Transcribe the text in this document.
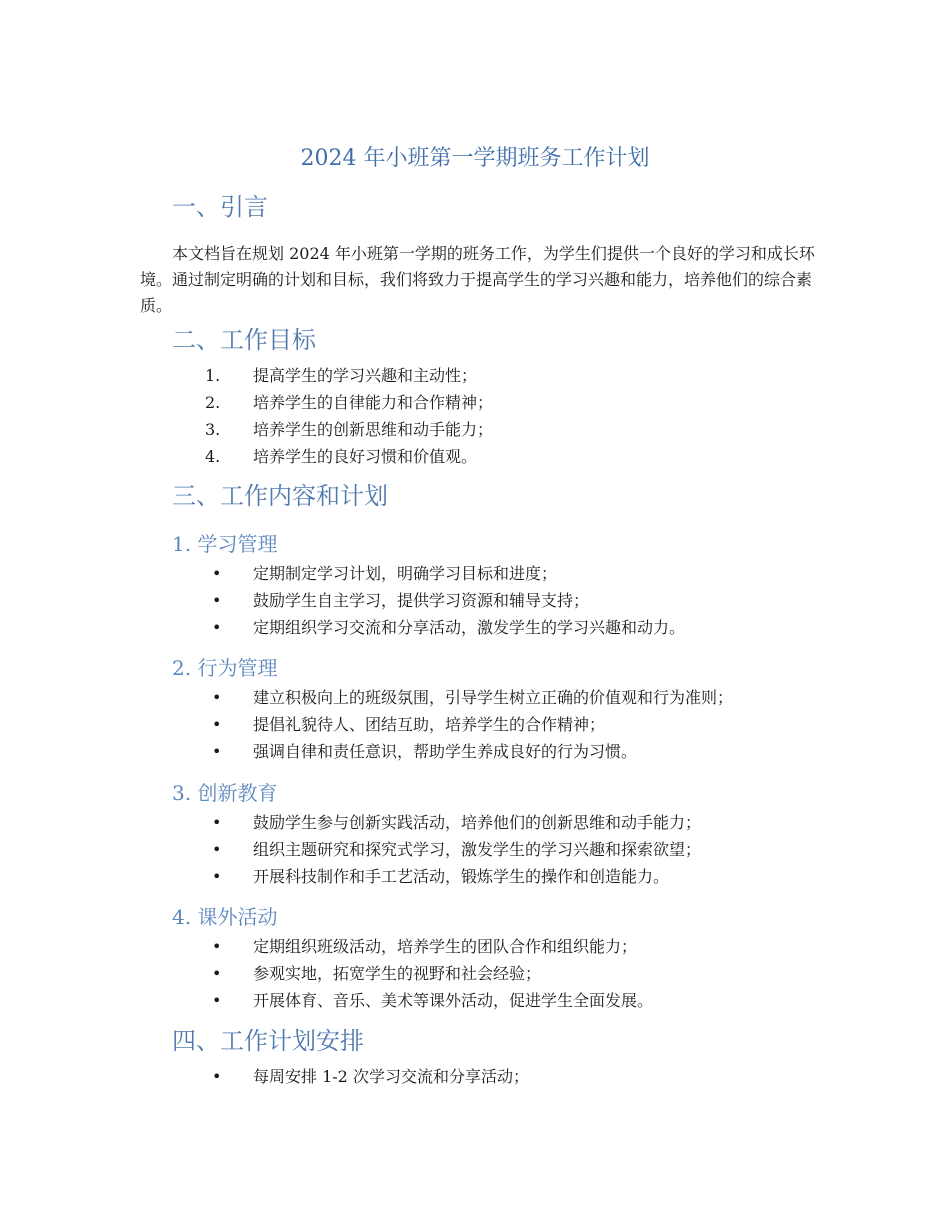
2024 年小班第一学期班务工作计划
一、引言
本文档旨在规划 2024 年小班第一学期的班务工作，为学生们提供一个良好的学习和成长环境。通过制定明确的计划和目标，我们将致力于提高学生的学习兴趣和能力，培养他们的综合素质。
二、工作目标
1.	提高学生的学习兴趣和主动性；
2.	培养学生的自律能力和合作精神；
3.	培养学生的创新思维和动手能力；
4.	培养学生的良好习惯和价值观。
三、工作内容和计划
1. 学习管理
• 定期制定学习计划，明确学习目标和进度；
• 鼓励学生自主学习，提供学习资源和辅导支持；
• 定期组织学习交流和分享活动，激发学生的学习兴趣和动力。
2. 行为管理
• 建立积极向上的班级氛围，引导学生树立正确的价值观和行为准则；
• 提倡礼貌待人、团结互助，培养学生的合作精神；
• 强调自律和责任意识，帮助学生养成良好的行为习惯。
3. 创新教育
• 鼓励学生参与创新实践活动，培养他们的创新思维和动手能力；
• 组织主题研究和探究式学习，激发学生的学习兴趣和探索欲望；
• 开展科技制作和手工艺活动，锻炼学生的操作和创造能力。
4. 课外活动
• 定期组织班级活动，培养学生的团队合作和组织能力；
• 参观实地，拓宽学生的视野和社会经验；
• 开展体育、音乐、美术等课外活动，促进学生全面发展。
四、工作计划安排
• 每周安排 1-2 次学习交流和分享活动；
